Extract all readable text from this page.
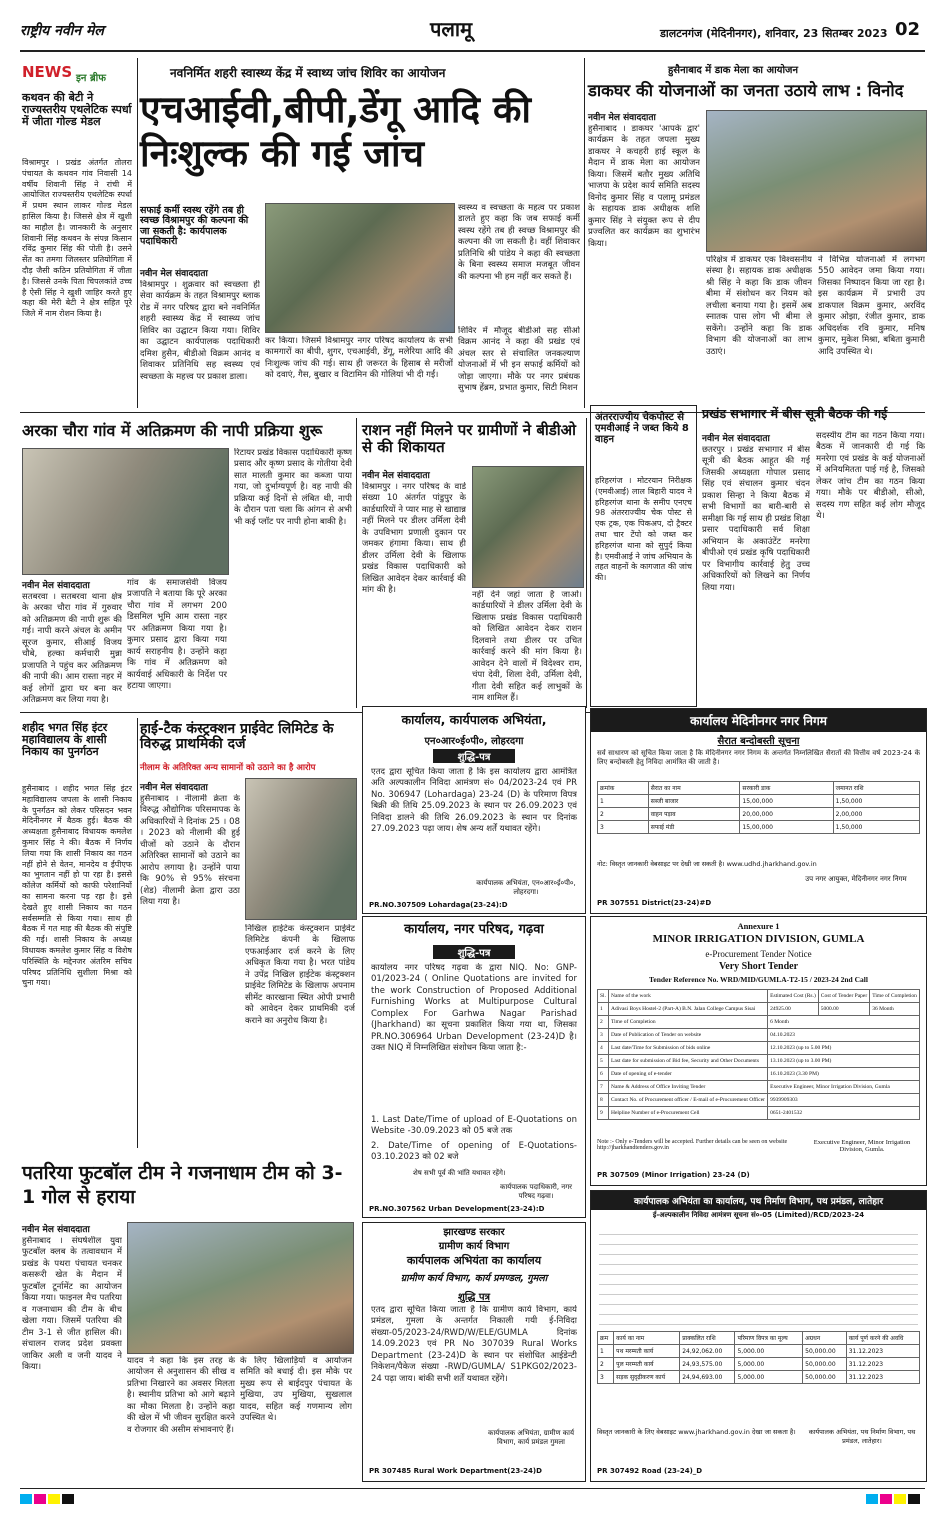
राष्ट्रीय नवीन मेल	पलामू	डालटनगंज (मेदिनीनगर), शनिवार, 23 सितम्बर 2023 02
NEWS इन ब्रीफ
कथवन की बेटी ने राज्यस्तरीय एथलेटिक स्पर्धा में जीता गोल्ड मेडल
विश्रामपुर । प्रखंड अंतर्गत तोलरा पंचायत के कथवन गांव निवासी 14 वर्षीय शिवानी सिंह ने रांची में आयोजित राज्यस्तरीय एथलेटिक स्पर्धा में प्रथम स्थान लाकर गोल्ड मेडल हासिल किया है। जिससे क्षेत्र में खुशी का माहौल है। जानकारी के अनुसार शिवानी सिंह कथवन के संपन्न किसान रविंद्र कुमार सिंह की पोती है। उसने सेंत का तमगा जिलस्तर प्रतियोगिता में दौड़ जैसी कठिन प्रतियोगिता में जीता है। जिससे उनके पिता चिपलकांते उच्च है ऐसी सिंह ने खुशी जाहिर करते हुए कहा की मेरी बेटी ने क्षेत्र सहित पूरे जिले में नाम रोशन किया है।
नवनिर्मित शहरी स्वास्थ्य केंद्र में स्वाथ्य जांच शिविर का आयोजन
एचआईवी,बीपी,डेंगू आदि की निःशुल्क की गई जांच
सफाई कर्मी स्वस्थ रहेंगे तब ही स्वच्छ विश्रामपुर की कल्पना की जा सकती है: कार्यपालक पदाधिकारी
नवीन मेल संवाददाता
विश्रामपुर । शुक्रवार को स्वच्छता ही सेवा कार्यक्रम के तहत विश्रामपुर ब्लाक रोड में नगर परिषद द्वारा बने नवनिर्मित शहरी स्वास्थ्य केंद्र में स्वास्थ्य जांच शिविर का उद्घाटन किया गया। शिविर का उद्घाटन कार्यपालक पदाधिकारी दमिश हुसैन, बीडीओ विक्रम आनंद व शिवाकर प्रतिनिधि सह स्वस्थ्य एवं स्वच्छता के महत्त्व पर प्रकाश डाला।
कर किया। जिसमें विश्रामपुर नगर परिषद कार्यालय के सभी कामगारों का बीपी, शुगर, एचआईवी, डेंगू, मलेरिया आदि की निःशुल्क जांच की गई। साथ ही जरूरत के हिसाब से मरीजों को दवाएं, गैस, बुखार व विटामिन की गोलियां भी दी गईं।
स्वस्थ्य व स्वच्छता के महत्व पर प्रकाश डालते हुए कहा कि जब सफाई कर्मी स्वस्थ रहेंगे तब ही स्वच्छ विश्रामपुर की कल्पना की जा सकती है। वहीं शिवाकर प्रतिनिधि श्री पांडेय ने कहा की स्वच्छता के बिना स्वस्थ्य समाज मजबूत जीवन की कल्पना भी हम नहीं कर सकते हैं।
शिविर में मौजूद बीडीओ सह सीओ विक्रम आनंद ने कहा की प्रखंड एवं अंचल स्तर से संचालित जनकल्याण योजनाओं में भी इन सफाई कर्मियों को जोड़ा जाएगा। मौके पर नगर प्रबंधक सुभाष हेंब्रम, प्रभात कुमार, सिटी मिशन
हुसैनाबाद में डाक मेला का आयोजन
डाकघर की योजनाओं का जनता उठाये लाभ : विनोद
नवीन मेल संवाददाता
हुसैनाबाद । डाकघर 'आपके द्वार' कार्यक्रम के तहत जपला मुख्य डाकघर ने कचहरी हाई स्कूल के मैदान में डाक मेला का आयोजन किया। जिसमें बतौर मुख्य अतिथि भाजपा के प्रदेश कार्य समिति सदस्य विनोद कुमार सिंह व पलामू प्रमंडल के सहायक डाक अधीक्षक शशि कुमार सिंह ने संयुक्त रूप से दीप प्रज्वलित कर कार्यक्रम का शुभारंभ किया।
परिक्षेत्र में डाकघर एक विश्वसनीय संस्था है। सहायक डाक अधीक्षक श्री सिंह ने कहा कि डाक जीवन बीमा में संशोधन कर नियम को लचीला बनाया गया है। इसमें अब स्नातक पास लोग भी बीमा ले सकेंगे। उन्होंने कहा कि डाक विभाग की योजनाओं का लाभ उठाएं।
ने विभिन्न योजनाओं में लगभग 550 आवेदन जमा किया गया। जिसका निष्पादन किया जा रहा है। इस कार्यक्रम में प्रभारी उप डाकपाल विक्रम कुमार, अरविंद कुमार ओझा, रंजीत कुमार, डाक अधिदर्शक रवि कुमार, मनिष कुमार, मुकेश मिश्रा, बबिता कुमारी आदि उपस्थित थे।
अरका चौरा गांव में अतिक्रमण की नापी प्रक्रिया शुरू
नवीन मेल संवाददाता
सतबरवा । सतबरवा थाना क्षेत्र के अरका चौरा गांव में गुरुवार को अतिक्रमण की नापी शुरू की गई। नापी करने अंचल के अमीन सूरज कुमार, सीआई विजय चौबे, हल्का कर्मचारी मुन्ना प्रजापति ने पहुंच कर अतिक्रमण की नापी की। आम रास्ता नहर में कई लोगों द्वारा घर बना कर अतिक्रमण कर लिया गया है।
गांव के समाजसेवी विजय प्रजापति ने बताया कि पूरे अरका चौरा गांव में लगभग 200 डिसमिल भूमि आम रास्ता नहर पर अतिक्रमण किया गया है। कुमार प्रसाद द्वारा किया गया कार्य सराहनीय है। उन्होंने कहा कि गांव में अतिक्रमण को कार्यवाई अधिकारी के निर्देश पर हटाया जाएगा।
रिटायर प्रखंड विकास पदाधिकारी कृष्ण प्रसाद और कृष्ण प्रसाद के गोतीया देवी सात मालती कुमार का कब्जा पाया गया, जो दुर्भाग्यपूर्ण है। वह नापी की प्रक्रिया कई दिनों से लंबित थी, नापी के दौरान पता चला कि आंगन से अभी भी कई प्लॉट पर नापी होना बाकी है।
राशन नहीं मिलने पर ग्रामीणों ने बीडीओ से की शिकायत
नवीन मेल संवाददाता
विश्रामपुर । नगर परिषद के वार्ड संख्या 10 अंतर्गत पांडुपुर के कार्डधारियों ने प्यार माह से खाद्यान्न नहीं मिलने पर डीलर उर्मिला देवी के उपविभाग प्रणाली दुकान पर जमकर हंगामा किया। साथ ही डीलर उर्मिला देवी के खिलाफ प्रखंड विकास पदाधिकारी को लिखित आवेदन देकर कार्रवाई की मांग की है।	नहीं देने जहां जाता है जाओ। कार्डधारियों ने डीलर उर्मिला देवी के खिलाफ प्रखंड विकास पदाधिकारी को लिखित आवेदन देकर राशन दिलवाने तथा डीलर पर उचित कार्रवाई करने की मांग किया है। आवेदन देने वालों में विदेश्वर राम, चंपा देवी, शिला देवी, उर्मिला देवी, गीता देवी सहित कई लाभुकों के नाम शामिल हैं।
अंतरराज्यीय चेकपोस्ट से एमवीआई ने जब्त किये 8 वाहन
हरिहरगंज । मोटरयान निरीक्षक (एमवीआई) लाल बिहारी यादव ने हरिहरगंज थाना के समीप एनएच 98 अंतरराज्यीय चेक पोस्ट से एक ट्रक, एक पिकअप, दो ट्रैक्टर तथा चार टेंपो को जब्त कर हरिहरगंज थाना को सुपुर्द किया है। एमवीआई ने जांच अभियान के तहत वाहनों के कागजात की जांच की।
प्रखंड सभागार में बीस सूत्री बैठक की गई
नवीन मेल संवाददाता
छतरपुर । प्रखंड सभागार में बीस सूत्री की बैठक आहूत की गई जिसकी अध्यक्षता गोपाल प्रसाद सिंह एवं संचालन कुमार चंदन प्रकाश सिन्हा ने किया बैठक में सभी विभागों का बारी-बारी से समीक्षा कि गई साथ ही प्रखंड शिक्षा प्रसार पदाधिकारी सर्व शिक्षा अभियान के अकाउंटेंट मनरेगा बीपीओ एवं प्रखंड कृषि पदाधिकारी पर विभागीय कार्रवाई हेतु उच्च अधिकारियों को लिखने का निर्णय लिया गया।
सदस्यीय टीम का गठन किया गया। बैठक में जानकारी दी गई कि मनरेगा एवं प्रखंड के कई योजनाओं में अनियमितता पाई गई है, जिसको लेकर जांच टीम का गठन किया गया। मौके पर बीडीओ, सीओ, सदस्य गण सहित कई लोग मौजूद थे।
शहीद भगत सिंह इंटर महाविद्यालय के शासी निकाय का पुनर्गठन
हुसैनाबाद । शहीद भगत सिंह इंटर महाविद्यालय जपला के शासी निकाय के पुनर्गठन को लेकर परिसदन भवन मेदिनीनगर में बैठक हुई। बैठक की अध्यक्षता हुसैनाबाद विधायक कमलेश कुमार सिंह ने की। बैठक में निर्णय लिया गया कि शासी निकाय का गठन नहीं होने से वेतन, मानदेय व ईपीएफ का भुगतान नहीं हो पा रहा है। इससे कॉलेज कर्मियों को काफी परेशानियों का सामना करना पड़ रहा है। इसे देखते हुए शासी निकाय का गठन सर्वसम्मति से किया गया। साथ ही बैठक में गत माह की बैठक की संपुष्टि की गई। शासी निकाय के अध्यक्ष विधायक कमलेश कुमार सिंह व विशेष परिस्थिति के मद्देनजर अंतरिम सचिव परिषद प्रतिनिधि सुशीला मिश्रा को चुना गया।
हाई-टैक कंस्ट्रक्शन प्राईवेट लिमिटेड के विरुद्ध प्राथमिकी दर्ज
नीलाम के अतिरिक्त अन्य सामानों को उठाने का है आरोप
नवीन मेल संवाददाता
हुसैनाबाद । नीलामी क्रेता के विरुद्ध औद्योगिक परिसमापक के अधिकारियों ने दिनांक 25 । 08 । 2023 को नीलामी की हुई चीजों को उठाने के दौरान अतिरिक्त सामानों को उठाने का आरोप लगाया है। उन्होंने पाया कि 90% से 95% संरचना (शेड) नीलामी क्रेता द्वारा उठा लिया गया है।
निखिल हाईटेक कंस्ट्रक्शन प्राईवेट लिमिटेड कंपनी के खिलाफ एफआईआर दर्ज करने के लिए अधिकृत किया गया है। भरत पांडेय ने उपेंद्र निखिल हाईटेक कंस्ट्रक्शन प्राईवेट लिमिटेड के खिलाफ अपनाम सीमेंट कारखाना स्थित ओपी प्रभारी को आवेदन देकर प्राथमिकी दर्ज कराने का अनुरोध किया है।
पतरिया फुटबॉल टीम ने गजनाधाम टीम को 3-1 गोल से हराया
नवीन मेल संवाददाता
हुसैनाबाद । संघर्षशील युवा फुटबॉल क्लब के तत्वावधान में प्रखंड के पथरा पंचायत चनकर कसरूरी खेत के मैदान में फुटबॉल टूर्नामेंट का आयोजन किया गया। फाइनल मैच पतरिया व गजनाधाम की टीम के बीच खेला गया। जिसमें पतरिया की टीम 3-1 से जीत हासिल की। संचालन राजद प्रदेश प्रवक्ता जाकिर अली व जनी यादव ने किया।
यादव ने कहा कि इस तरह के आयोजन से अनुशासन की सीख व प्रतिभा निखारने का अवसर मिलता है। स्थानीय प्रतिभा को आगे बढ़ाने का मौका मिलता है। उन्होंने कहा की खेल में भी जीवन सुरक्षित करने व रोजगार की असीम संभावनाएं हैं।
के लिए खिलाड़ियों व आयोजन समिति को बधाई दी। इस मौके पर मुख्य रूप से बाईदपुर पंचायत के मुखिया, उप मुखिया, सुखलाल यादव, सहित कई गणमान्य लोग उपस्थित थे।
कार्यालय, कार्यपालक अभियंता,
एन०आर०ई०पी०, लोहरदगा
शुद्धि-पत्र
एतद द्वारा सूचित किया जाता है कि इस कार्यालय द्वारा आमंत्रित अति अल्पकालीन निविदा आमंत्रण सं० 04/2023-24 एवं PR No. 306947 (Lohardaga) 23-24 (D) के परिमाण विपत्र बिक्री की तिथि 25.09.2023 के स्थान पर 26.09.2023 एवं निविदा डालने की तिथि 26.09.2023 के स्थान पर दिनांक 27.09.2023 पढ़ा जाय। शेष अन्य शर्तें यथावत रहेंगे।
कार्यपालक अभियंता, एन०आर०ई०पी०, लोहरदगा।
PR.NO.307509 Lohardaga(23-24):D
कार्यालय, नगर परिषद, गढ़वा
शुद्धि-पत्र
कार्यालय नगर परिषद गढ़वा के द्वारा NIQ. No: GNP-01/2023-24 ( Online Quotations are invited for the work Construction of Proposed Additional Furnishing Works at Multipurpose Cultural Complex For Garhwa Nagar Parishad (Jharkhand) का सूचना प्रकाशित किया गया था, जिसका PR.NO.306964 Urban Development (23-24)D है। उक्त NIQ में निम्नलिखित संशोधन किया जाता है:-
1. Last Date/Time of upload of E-Quotations on Website -30.09.2023 को 05 बजे तक
2. Date/Time of opening of E-Quotations-03.10.2023 को 02 बजे
शेष सभी पूर्व की भांति यथावत रहेंगे।
कार्यपालक पदाधिकारी, नगर परिषद गढ़वा।
PR.NO.307562 Urban Development(23-24):D
झारखण्ड सरकार
ग्रामीण कार्य विभाग
कार्यपालक अभियंता का कार्यालय
ग्रामीण कार्य विभाग, कार्य प्रमण्डल, गुमला
शुद्धि पत्र
एतद द्वारा सूचित किया जाता है कि ग्रामीण कार्य विभाग, कार्य प्रमंडल, गुमला के अन्तर्गत निकाली गयी ई-निविदा संख्या-05/2023-24/RWD/W/ELE/GUMLA दिनांक 14.09.2023 एवं PR No 307039 Rural Works Department (23-24)D के स्थान पर संशोधित आईडेन्टी निकेशन/पैकेज संख्या -RWD/GUMLA/ S1PKG02/2023-24 पढ़ा जाय। बांकी सभी शर्तें यथावत रहेंगे।
कार्यपालक अभियंता, ग्रामीण कार्य विभाग, कार्य प्रमंडल गुमला
PR 307485 Rural Work Department(23-24)D
कार्यालय मेदिनीनगर नगर निगम
सैरात बन्दोबस्ती सूचना
सर्व साधारण को सूचित किया जाता है कि मेदिनीनगर नगर निगम के अन्तर्गत निम्नलिखित सैरातों की वित्तीय वर्ष 2023-24 के लिए बन्दोबस्ती हेतु निविदा आमंत्रित की जाती है।
क्रमांक	सैरात का नाम	सरकारी डाक	जमानत राशि
1	सब्जी बाजार	15,00,000	1,50,000
2	वाहन पड़ाव	20,00,000	2,00,000
3	सफाई मंडी	15,00,000	1,50,000
नोट: विस्तृत जानकारी वेबसाइट पर देखी जा सकती है। www.udhd.jharkhand.gov.in
उप नगर आयुक्त, मेदिनीनगर नगर निगम
PR 307551 District(23-24)#D
Annexure 1
MINOR IRRIGATION DIVISION, GUMLA
e-Procurement Tender Notice
Very Short Tender
Tender Reference No. WRD/MID/GUMLA-T2-15 / 2023-24 2nd Call
Sl.	Name of the work	Estimated Cost (Rs.)	Cost of Tender Paper	Time of Completion
1	Adivasi Boys Hostel-2 (Part-A) B.N. Jalan College Campus Sisai	24925.00	5000.00	36 Month
2	Time of Completion	6 Month		
3	Date of Publication of Tender on website	04.10.2023		
4	Last date/Time for Submission of bids online	12.10.2023 (up to 5.00 PM)		
5	Last date for submission of Bid fee, Security and Other Documents	13.10.2023 (up to 3.00 PM)		
6	Date of opening of e-tender	16.10.2023 (3.30 PM)		
7	Name & Address of Office Inviting Tender	Executive Engineer, Minor Irrigation Division, Gumla		
8	Contact No. of Procurement officer / E-mail of e-Procurement Officer	9939909303		
9	Helpline Number of e-Procurement Cell	0651-2401532		
Note :- Only e-Tenders will be accepted. Further details can be seen on website http://jharkhandtenders.gov.in
Executive Engineer, Minor Irrigation Division, Gumla.
PR 307509 (Minor Irrigation) 23-24 (D)
कार्यपालक अभियंता का कार्यालय, पथ निर्माण विभाग, पथ प्रमंडल, लातेहार
ई-अल्पकालीन निविदा आमंत्रण सूचना सं०-05 (Limited)/RCD/2023-24
क्रम	कार्य का नाम	प्राक्कलित राशि	परिमाण विपत्र का मूल्य	अग्रधन	कार्य पूर्ण करने की अवधि
1	पथ मरम्मती कार्य	24,92,062.00	5,000.00	50,000.00	31.12.2023
2	पुल मरम्मती कार्य	24,93,575.00	5,000.00	50,000.00	31.12.2023
3	सड़क सुदृढ़ीकरण कार्य	24,94,693.00	5,000.00	50,000.00	31.12.2023
विस्तृत जानकारी के लिए वेबसाइट www.jharkhand.gov.in देखा जा सकता है।	कार्यपालक अभियंता, पथ निर्माण विभाग, पथ प्रमंडल, लातेहार।
PR 307492 Road (23-24)_D
